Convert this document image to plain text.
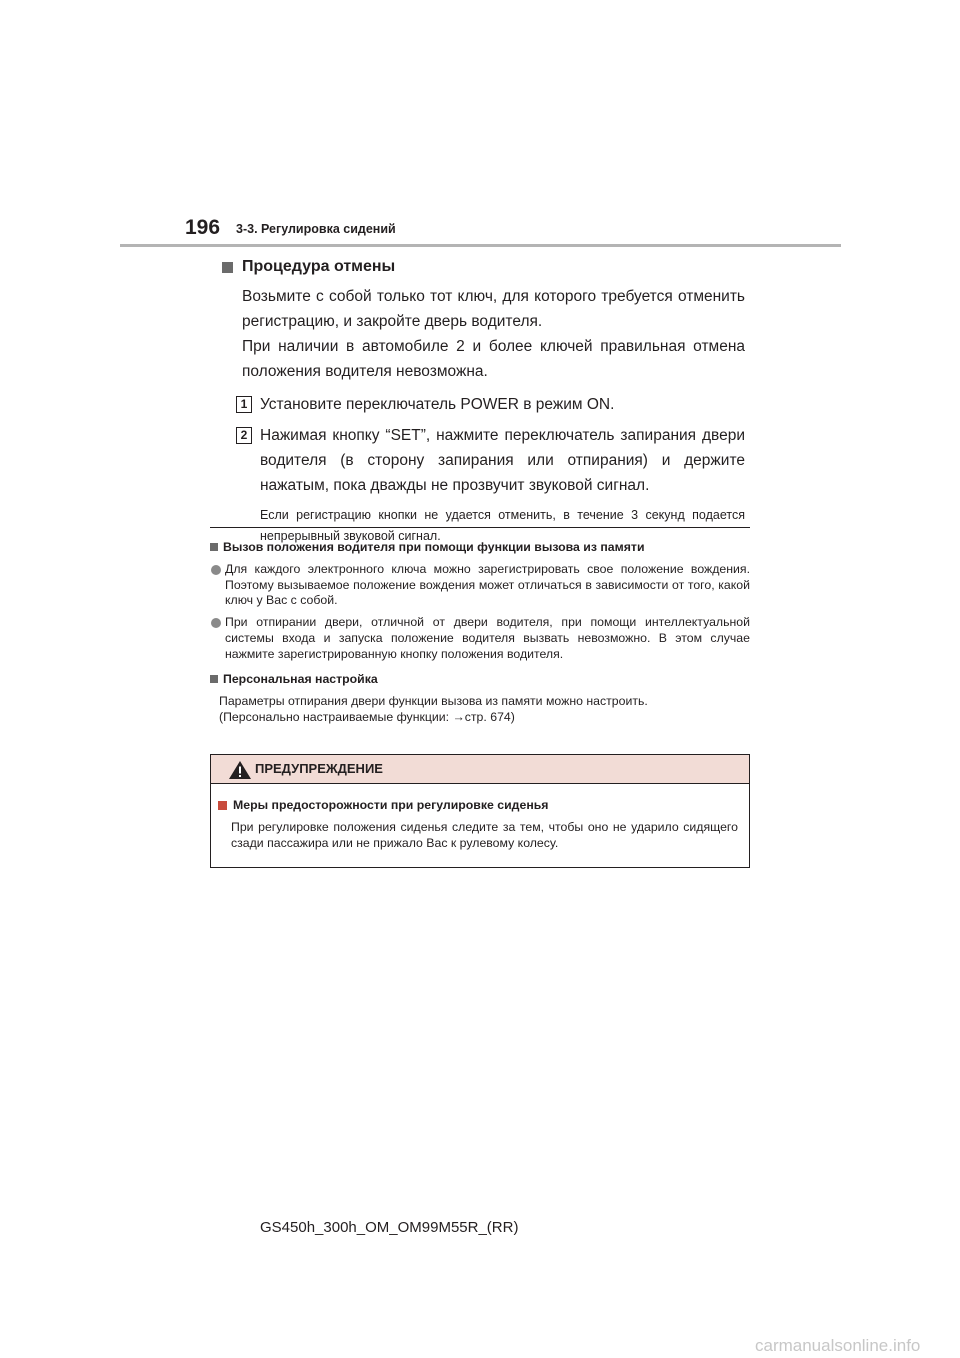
196 3-3. Регулировка сидений
Процедура отмены

Возьмите с собой только тот ключ, для которого требуется отменить регистрацию, и закройте дверь водителя.

При наличии в автомобиле 2 и более ключей правильная отмена положения водителя невозможна.

1 Установите переключатель POWER в режим ON.
2 Нажимая кнопку “SET”, нажмите переключатель запирания двери водителя (в сторону запирания или отпирания) и держите нажатым, пока дважды не прозвучит звуковой сигнал.

Если регистрацию кнопки не удается отменить, в течение 3 секунд подается непрерывный звуковой сигнал.

Вызов положения водителя при помощи функции вызова из памяти
Для каждого электронного ключа можно зарегистрировать свое положение вождения. Поэтому вызываемое положение вождения может отличаться в зависимости от того, какой ключ у Вас с собой.
При отпирании двери, отличной от двери водителя, при помощи интеллектуальной системы входа и запуска положение водителя вызвать невозможно. В этом случае нажмите зарегистрированную кнопку положения водителя.
Персональная настройка
Параметры отпирания двери функции вызова из памяти можно настроить.
(Персонально настраиваемые функции: →стр. 674)
ПРЕДУПРЕЖДЕНИЕ
Меры предосторожности при регулировке сиденья

При регулировке положения сиденья следите за тем, чтобы оно не ударило сидящего сзади пассажира или не прижало Вас к рулевому колесу.

GS450h_300h_OM_OM99M55R_(RR)
carmanualsonline.info
